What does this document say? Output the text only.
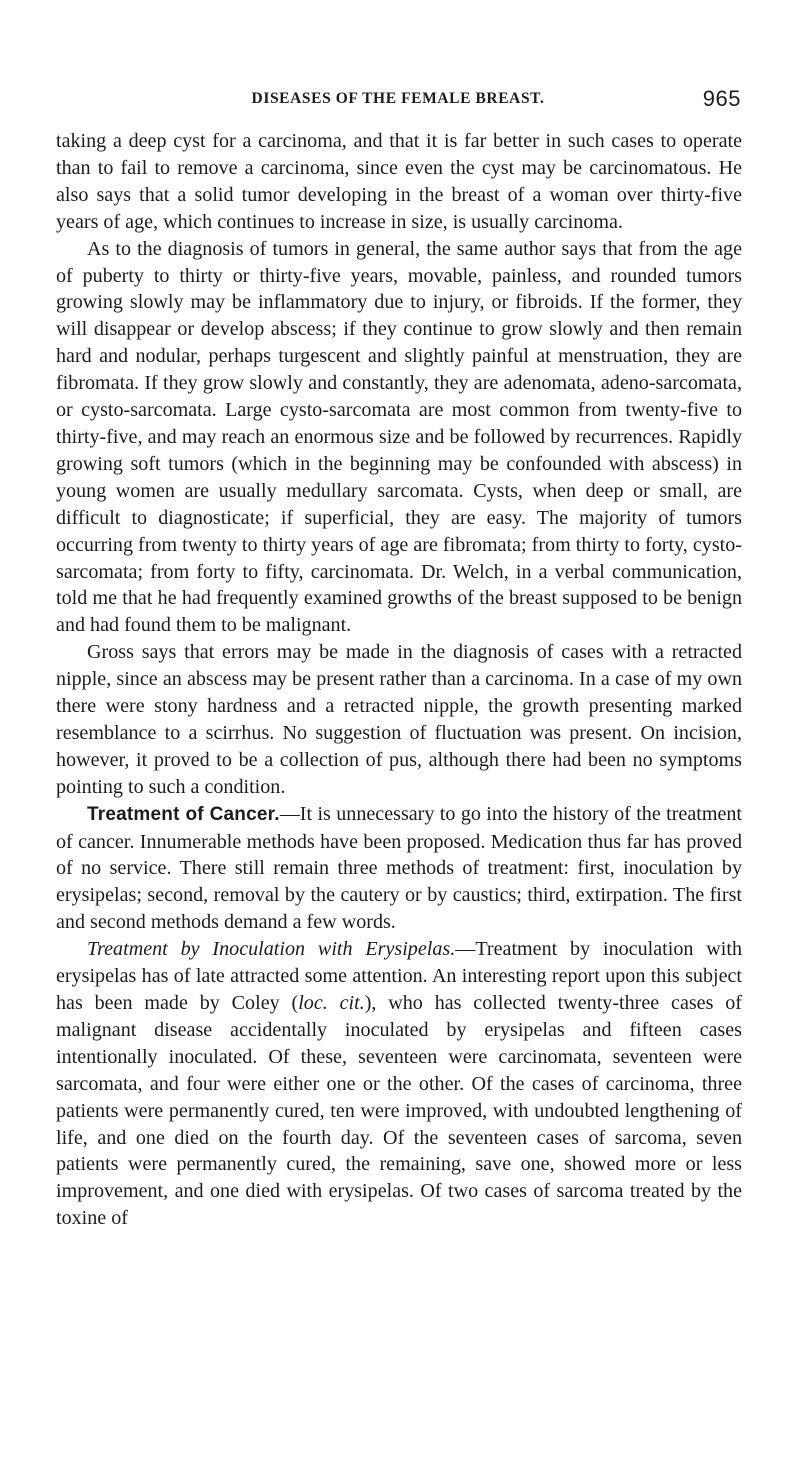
DISEASES OF THE FEMALE BREAST.	965

taking a deep cyst for a carcinoma, and that it is far better in such cases to operate than to fail to remove a carcinoma, since even the cyst may be carcinomatous. He also says that a solid tumor developing in the breast of a woman over thirty-five years of age, which continues to increase in size, is usually carcinoma.

As to the diagnosis of tumors in general, the same author says that from the age of puberty to thirty or thirty-five years, movable, painless, and rounded tumors growing slowly may be inflammatory due to injury, or fibroids. If the former, they will disappear or develop abscess; if they continue to grow slowly and then remain hard and nodular, perhaps turgescent and slightly painful at menstruation, they are fibromata. If they grow slowly and constantly, they are adenomata, adeno-sarcomata, or cysto-sarcomata. Large cysto-sarcomata are most common from twenty-five to thirty-five, and may reach an enormous size and be followed by recurrences. Rapidly growing soft tumors (which in the beginning may be confounded with abscess) in young women are usually medullary sarcomata. Cysts, when deep or small, are difficult to diagnosticate; if superficial, they are easy. The majority of tumors occurring from twenty to thirty years of age are fibromata; from thirty to forty, cysto-sarcomata; from forty to fifty, carcinomata. Dr. Welch, in a verbal communication, told me that he had frequently examined growths of the breast supposed to be benign and had found them to be malignant.

Gross says that errors may be made in the diagnosis of cases with a retracted nipple, since an abscess may be present rather than a carcinoma. In a case of my own there were stony hardness and a retracted nipple, the growth presenting marked resemblance to a scirrhus. No suggestion of fluctuation was present. On incision, however, it proved to be a collection of pus, although there had been no symptoms pointing to such a condition.

Treatment of Cancer.—It is unnecessary to go into the history of the treatment of cancer. Innumerable methods have been proposed. Medication thus far has proved of no service. There still remain three methods of treatment: first, inoculation by erysipelas; second, removal by the cautery or by caustics; third, extirpation. The first and second methods demand a few words.

Treatment by Inoculation with Erysipelas.—Treatment by inoculation with erysipelas has of late attracted some attention. An interesting report upon this subject has been made by Coley (loc. cit.), who has collected twenty-three cases of malignant disease accidentally inoculated by erysipelas and fifteen cases intentionally inoculated. Of these, seventeen were carcinomata, seventeen were sarcomata, and four were either one or the other. Of the cases of carcinoma, three patients were permanently cured, ten were improved, with undoubted lengthening of life, and one died on the fourth day. Of the seventeen cases of sarcoma, seven patients were permanently cured, the remaining, save one, showed more or less improvement, and one died with erysipelas. Of two cases of sarcoma treated by the toxine of
